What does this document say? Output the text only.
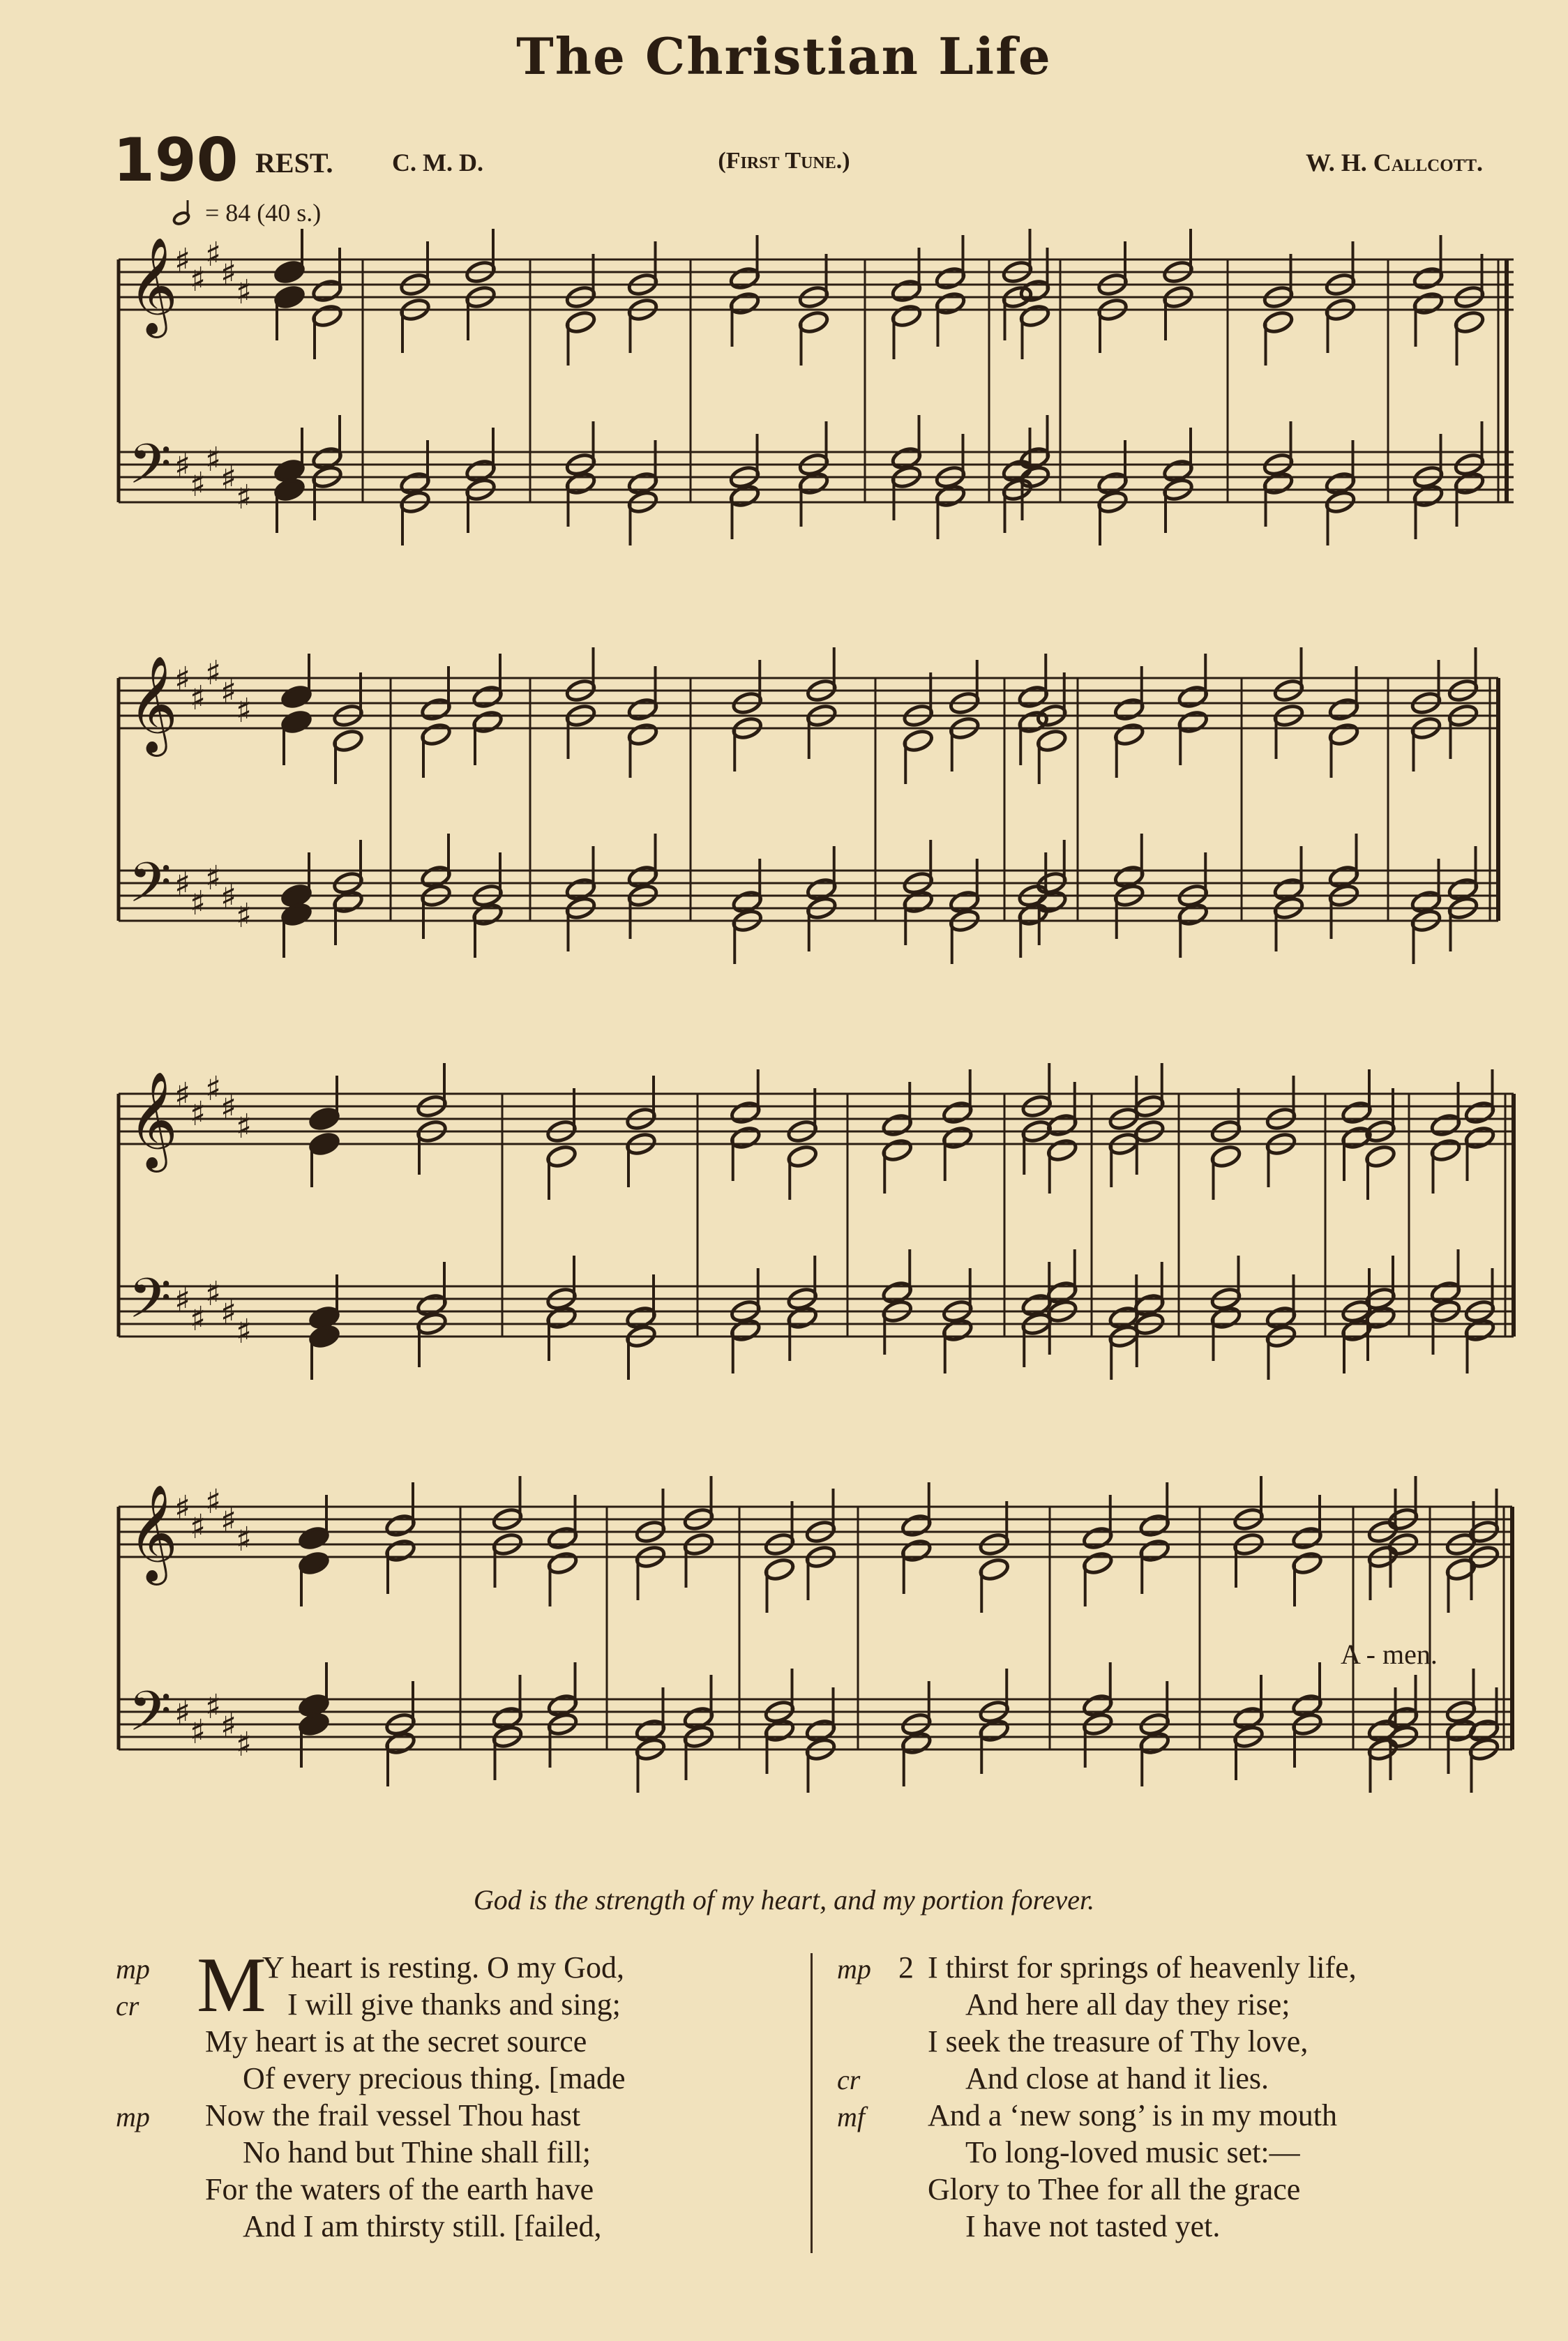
The Christian Life
190 REST. C. M. D.	(First Tune.)	W. H. Callcott.
= 84 (40 s.)
𝄞
𝄢
♯
♯
♯
♯
♯
♯
♯
♯
♯
♯
𝄞
𝄢
♯
♯
♯
♯
♯
♯
♯
♯
♯
♯
𝄞
𝄢
♯
♯
♯
♯
♯
♯
♯
♯
♯
♯
𝄞
𝄢
♯
♯
♯
♯
♯
♯
♯
♯
♯
♯
A - men.
God is the strength of my heart, and my portion forever.
M
mp	Y heart is resting. O my God,
cr	I will give thanks and sing;
My heart is at the secret source
Of every precious thing. [made
mp Now the frail vessel Thou hast
No hand but Thine shall fill;
For the waters of the earth have
And I am thirsty still. [failed,
2
mp I thirst for springs of heavenly life,
And here all day they rise;
I seek the treasure of Thy love,
cr	And close at hand it lies.
mf And a ‘new song’ is in my mouth
To long-loved music set:—
Glory to Thee for all the grace
I have not tasted yet.
